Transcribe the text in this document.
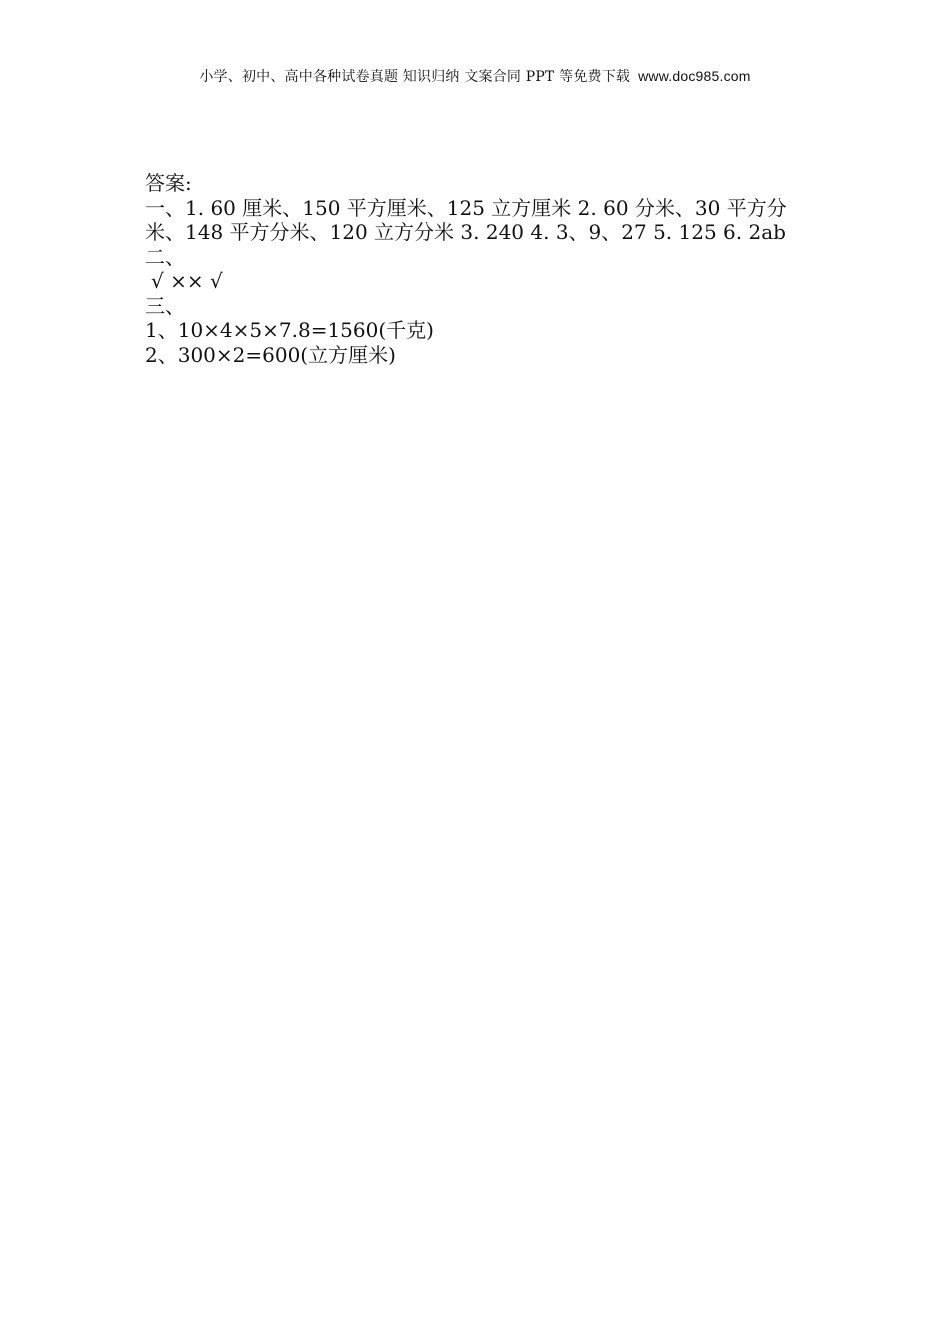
小学、初中、高中各种试卷真题 知识归纳 文案合同 PPT 等免费下载 www.doc985.com
答案:
一、1. 60 厘米、150 平方厘米、125 立方厘米 2. 60 分米、30 平方分米、148 平方分米、120 立方分米 3. 240 4. 3、9、27 5. 125 6. 2ab
二、
√ ×× √
三、
1、10×4×5×7.8=1560(千克)
2、300×2=600(立方厘米)
